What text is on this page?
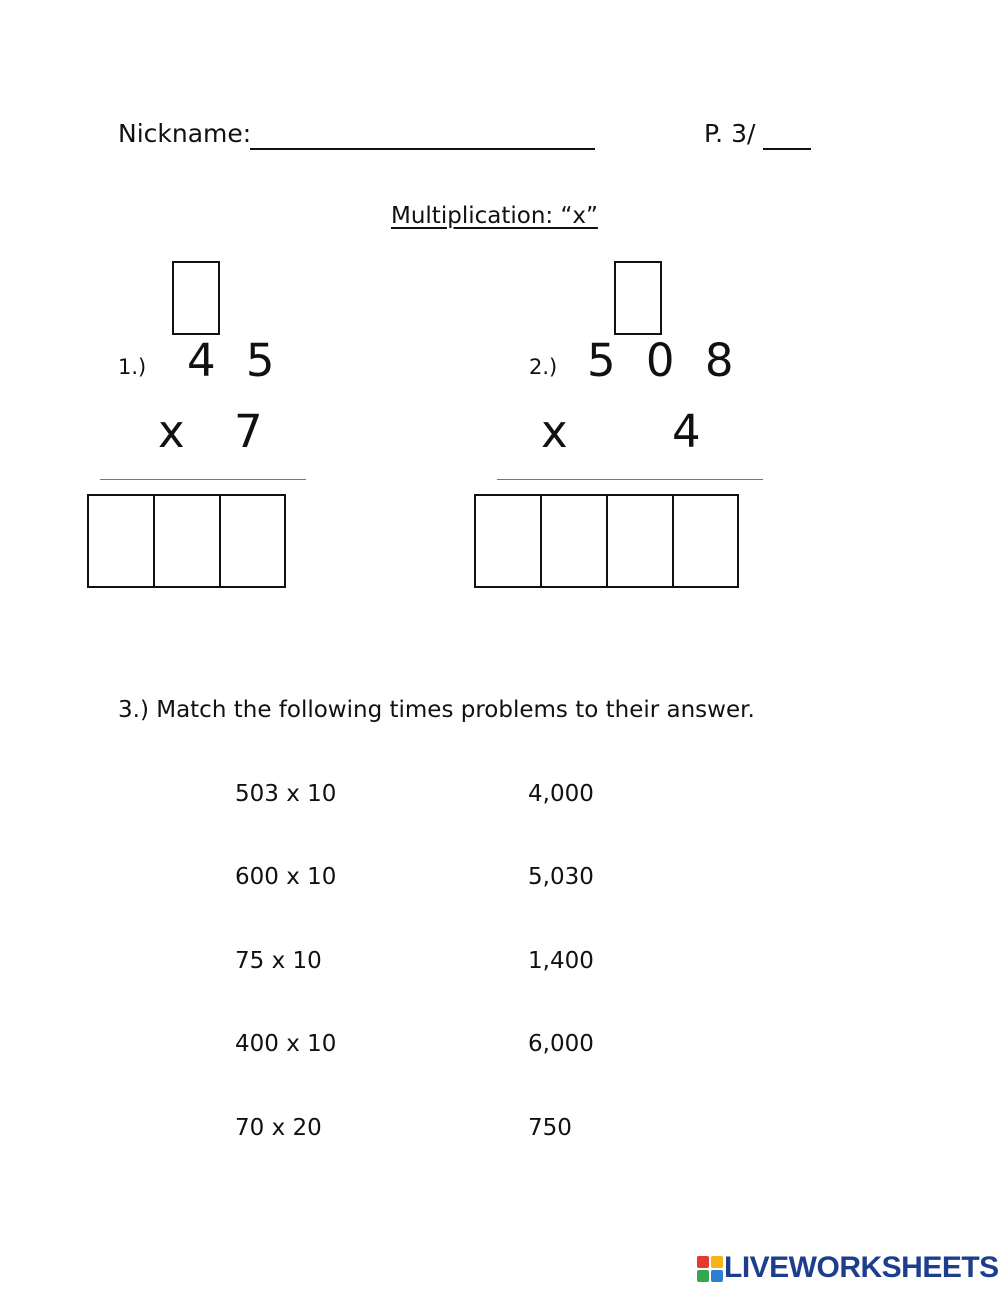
Nickname:	P. 3/
Multiplication: “x”
1.) 4 5
x 7
2.) 5 0 8
x 4
3.) Match the following times problems to their answer.
503 x 10
600 x 10
75 x 10
400 x 10
70 x 20
4,000
5,030
1,400
6,000
750
LIVEWORKSHEETS
